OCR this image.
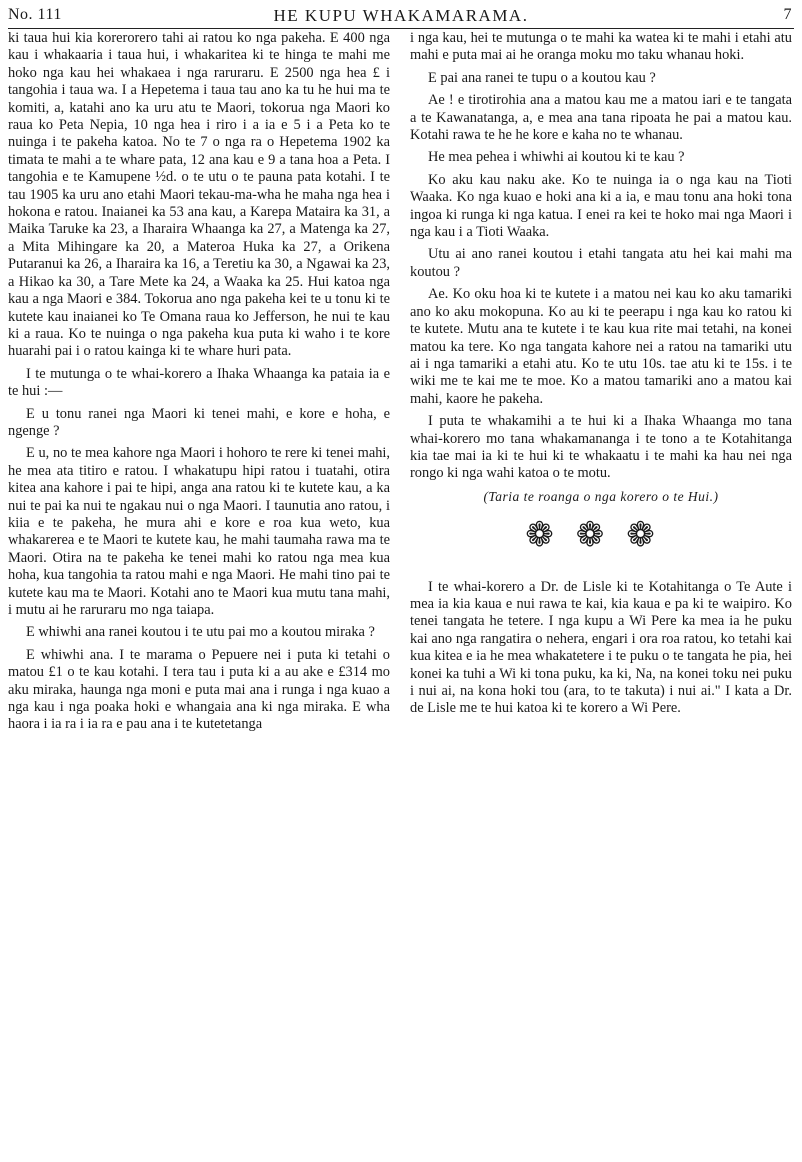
No. 111	HE KUPU WHAKAMARAMA.	7

ki taua hui kia korerorero tahi ai ratou ko nga pakeha. E 400 nga kau i whakaaria i taua hui, i whakaritea ki te hinga te mahi me hoko nga kau hei whakaea i nga raruraru. E 2500 nga hea £ i tangohia i taua wa. I a Hepetema i taua tau ano ka tu he hui ma te komiti, a, katahi ano ka uru atu te Maori, tokorua nga Maori ko raua ko Peta Nepia, 10 nga hea i riro i a ia e 5 i a Peta ko te nuinga i te pakeha katoa. No te 7 o nga ra o Hepetema 1902 ka timata te mahi a te whare pata, 12 ana kau e 9 a tana hoa a Peta. I tangohia e te Kamupene ½d. o te utu o te pauna pata kotahi. I te tau 1905 ka uru ano etahi Maori tekau-ma-wha he maha nga hea i hokona e ratou. Inaianei ka 53 ana kau, a Karepa Mataira ka 31, a Maika Taruke ka 23, a Iharaira Whaanga ka 27, a Matenga ka 27, a Mita Mihingare ka 20, a Materoa Huka ka 27, a Orikena Putaranui ka 26, a Iharaira ka 16, a Teretiu ka 30, a Ngawai ka 23, a Hikao ka 30, a Tare Mete ka 24, a Waaka ka 25. Hui katoa nga kau a nga Maori e 384. Tokorua ano nga pakeha kei te u tonu ki te kutete kau inaianei ko Te Omana raua ko Jefferson, he nui te kau ki a raua. Ko te nuinga o nga pakeha kua puta ki waho i te kore huarahi pai i o ratou kainga ki te whare huri pata.

I te mutunga o te whai-korero a Ihaka Whaanga ka pataia ia e te hui :—

E u tonu ranei nga Maori ki tenei mahi, e kore e hoha, e ngenge ?

E u, no te mea kahore nga Maori i hohoro te rere ki tenei mahi, he mea ata titiro e ratou. I whakatupu hipi ratou i tuatahi, otira kitea ana kahore i pai te hipi, anga ana ratou ki te kutete kau, a ka nui te pai ka nui te ngakau nui o nga Maori. I taunutia ano ratou, i kiia e te pakeha, he mura ahi e kore e roa kua weto, kua whakarerea e te Maori te kutete kau, he mahi taumaha rawa ma te Maori. Otira na te pakeha ke tenei mahi ko ratou nga mea kua hoha, kua tangohia ta ratou mahi e nga Maori. He mahi tino pai te kutete kau ma te Maori. Kotahi ano te Maori kua mutu tana mahi, i mutu ai he raruraru mo nga taiapa.

E whiwhi ana ranei koutou i te utu pai mo a koutou miraka ?

E whiwhi ana. I te marama o Pepuere nei i puta ki tetahi o matou £1 o te kau kotahi. I tera tau i puta ki a au ake e £314 mo aku miraka, haunga nga moni e puta mai ana i runga i nga kuao a nga kau i nga poaka hoki e whangaia ana ki nga miraka. E wha haora i ia ra i ia ra e pau ana i te kutetetanga

i nga kau, hei te mutunga o te mahi ka watea ki te mahi i etahi atu mahi e puta mai ai he oranga moku mo taku whanau hoki.

E pai ana ranei te tupu o a koutou kau ?

Ae ! e tirotirohia ana a matou kau me a matou iari e te tangata a te Kawanatanga, a, e mea ana tana ripoata he pai a matou kau. Kotahi rawa te he he kore e kaha no te whanau.

He mea pehea i whiwhi ai koutou ki te kau ?

Ko aku kau naku ake. Ko te nuinga ia o nga kau na Tioti Waaka. Ko nga kuao e hoki ana ki a ia, e mau tonu ana hoki tona ingoa ki runga ki nga katua. I enei ra kei te hoko mai nga Maori i nga kau i a Tioti Waaka.

Utu ai ano ranei koutou i etahi tangata atu hei kai mahi ma koutou ?

Ae. Ko oku hoa ki te kutete i a matou nei kau ko aku tamariki ano ko aku mokopuna. Ko au ki te peerapu i nga kau ko ratou ki te kutete. Mutu ana te kutete i te kau kua rite mai tetahi, na konei matou ka tere. Ko nga tangata kahore nei a ratou na tamariki utu ai i nga tamariki a etahi atu. Ko te utu 10s. tae atu ki te 15s. i te wiki me te kai me te moe. Ko a matou tamariki ano a matou kai mahi, kaore he pakeha.

I puta te whakamihi a te hui ki a Ihaka Whaanga mo tana whai-korero mo tana whakamananga i te tono a te Kotahitanga kia tae mai ia ki te hui ki te whakaatu i te mahi ka hau nei nga rongo ki nga wahi katoa o te motu.

(Taria te roanga o nga korero o te Hui.)

❁❁❁

I te whai-korero a Dr. de Lisle ki te Kotahitanga o Te Aute i mea ia kia kaua e nui rawa te kai, kia kaua e pa ki te waipiro. Ko tenei tangata he tetere. I nga kupu a Wi Pere ka mea ia he puku kai ano nga rangatira o nehera, engari i ora roa ratou, ko tetahi kai kua kitea e ia he mea whakatetere i te puku o te tangata he pia, hei konei ka tuhi a Wi ki tona puku, ka ki, Na, na konei toku nei puku i nui ai, na kona hoki tou (ara, to te takuta) i nui ai." I kata a Dr. de Lisle me te hui katoa ki te korero a Wi Pere.
